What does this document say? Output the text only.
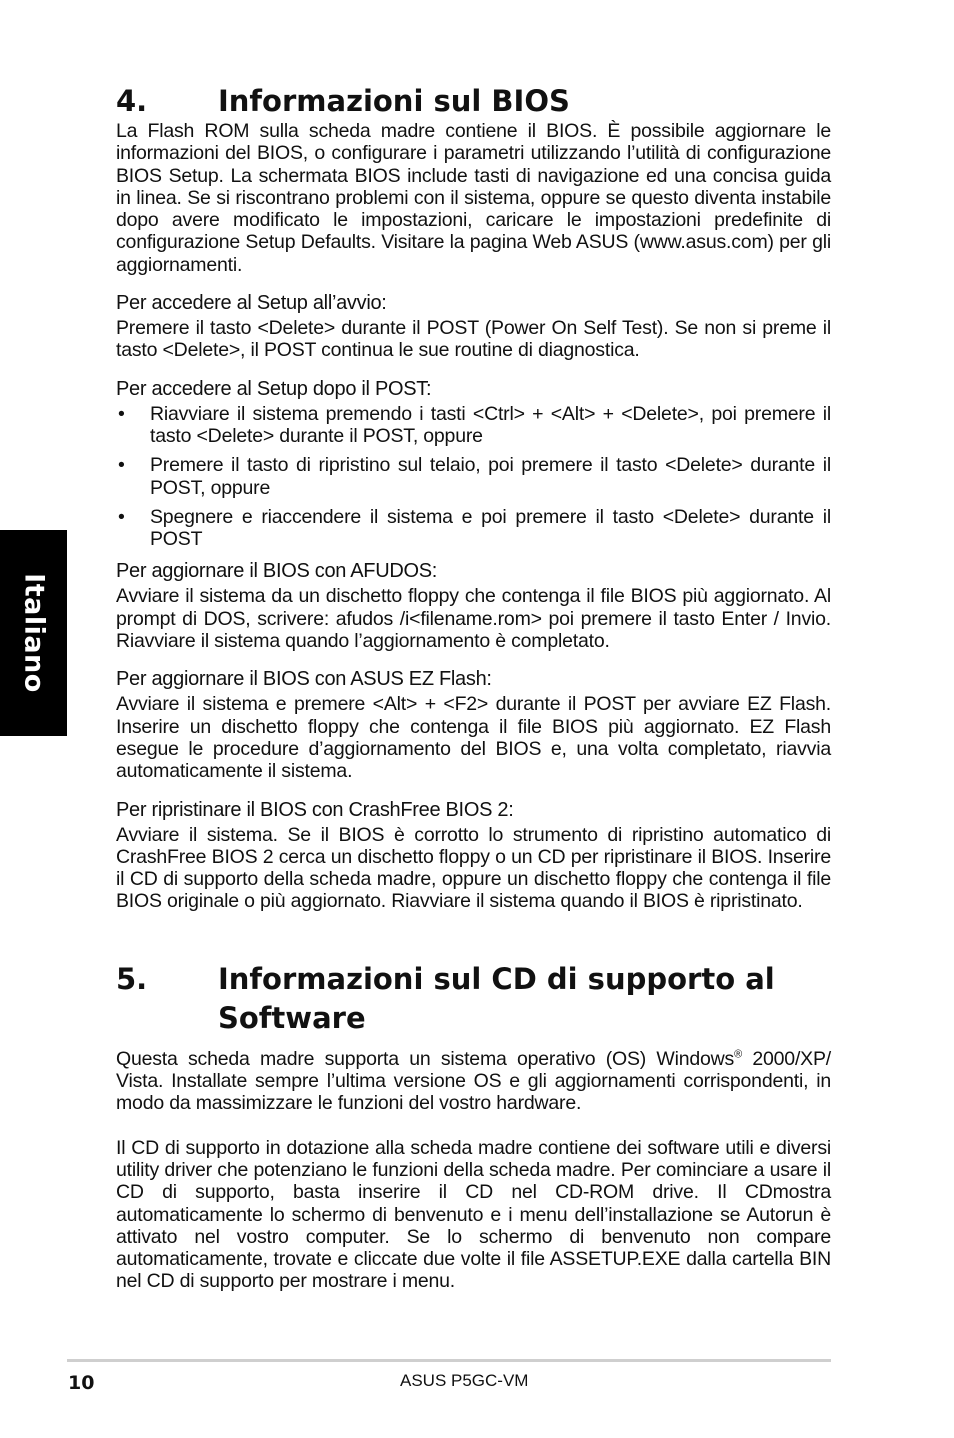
Italiano
4.	Informazioni sul BIOS

La Flash ROM sulla scheda madre contiene il BIOS. È possibile aggiornare le informazioni del BIOS, o configurare i parametri utilizzando l’utilità di configurazione BIOS Setup. La schermata BIOS include tasti di navigazione ed una concisa guida in linea. Se si riscontrano problemi con il sistema, oppure se questo diventa instabile dopo avere modificato le impostazioni, caricare le impostazioni predefinite di configurazione Setup Defaults. Visitare la pagina Web ASUS (www.asus.com) per gli aggiornamenti.

Per accedere al Setup all’avvio:

Premere il tasto <Delete> durante il POST (Power On Self Test). Se non si preme il tasto <Delete>, il POST continua le sue routine di diagnostica.

Per accedere al Setup dopo il POST:
• Riavviare il sistema premendo i tasti <Ctrl> + <Alt> + <Delete>, poi premere il tasto <Delete> durante il POST, oppure
• Premere il tasto di ripristino sul telaio, poi premere il tasto <Delete> durante il POST, oppure
• Spegnere e riaccendere il sistema e poi premere il tasto <Delete> durante il POST
Per aggiornare il BIOS con AFUDOS:

Avviare il sistema da un dischetto floppy che contenga il file BIOS più aggiornato. Al prompt di DOS, scrivere: afudos /i<filename.rom> poi premere il tasto Enter / Invio. Riavviare il sistema quando l’aggiornamento è completato.

Per aggiornare il BIOS con ASUS EZ Flash:

Avviare il sistema e premere <Alt> + <F2> durante il POST per avviare EZ Flash. Inserire un dischetto floppy che contenga il file BIOS più aggiornato. EZ Flash esegue le procedure d’aggiornamento del BIOS e, una volta completato, riavvia automaticamente il sistema.

Per ripristinare il BIOS con CrashFree BIOS 2:

Avviare il sistema. Se il BIOS è corrotto lo strumento di ripristino automatico di CrashFree BIOS 2 cerca un dischetto floppy o un CD per ripristinare il BIOS. Inserire il CD di supporto della scheda madre, oppure un dischetto floppy che contenga il file BIOS originale o più aggiornato. Riavviare il sistema quando il BIOS è ripristinato.

5.	Informazioni sul CD di supporto al Software

Questa scheda madre supporta un sistema operativo (OS) Windows® 2000/XP/ Vista. Installate sempre l’ultima versione OS e gli aggiornamenti corrispondenti, in modo da massimizzare le funzioni del vostro hardware.

Il CD di supporto in dotazione alla scheda madre contiene dei software utili e diversi utility driver che potenziano le funzioni della scheda madre. Per cominciare a usare il CD di supporto, basta inserire il CD nel CD-ROM drive. Il CDmostra automaticamente lo schermo di benvenuto e i menu dell’installazione se Autorun è attivato nel vostro computer. Se lo schermo di benvenuto non compare automaticamente, trovate e cliccate due volte il file ASSETUP.EXE dalla cartella BIN nel CD di supporto per mostrare i menu.

10	ASUS P5GC-VM
